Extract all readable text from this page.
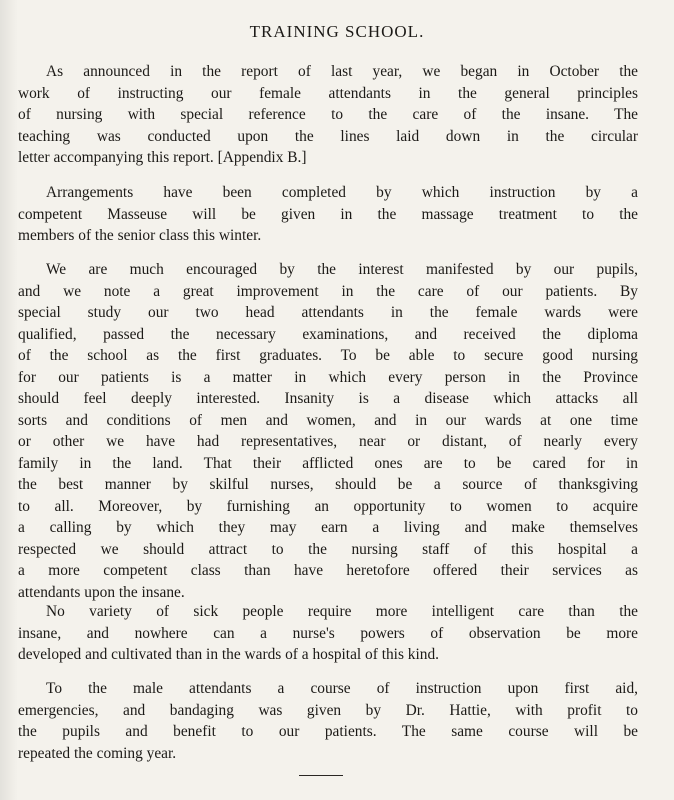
TRAINING SCHOOL.
As announced in the report of last year, we began in October the
work of instructing our female attendants in the general principles
of nursing with special reference to the care of the insane. The
teaching was conducted upon the lines laid down in the circular
letter accompanying this report. [Appendix B.]
Arrangements have been completed by which instruction by a
competent Masseuse will be given in the massage treatment to the
members of the senior class this winter.
We are much encouraged by the interest manifested by our pupils,
and we note a great improvement in the care of our patients. By
special study our two head attendants in the female wards were
qualified, passed the necessary examinations, and received the diploma
of the school as the first graduates. To be able to secure good nursing
for our patients is a matter in which every person in the Province
should feel deeply interested. Insanity is a disease which attacks all
sorts and conditions of men and women, and in our wards at one time
or other we have had representatives, near or distant, of nearly every
family in the land. That their afflicted ones are to be cared for in
the best manner by skilful nurses, should be a source of thanksgiving
to all. Moreover, by furnishing an opportunity to women to acquire
a calling by which they may earn a living and make themselves
respected we should attract to the nursing staff of this hospital a
a more competent class than have heretofore offered their services as
attendants upon the insane.
No variety of sick people require more intelligent care than the
insane, and nowhere can a nurse's powers of observation be more
developed and cultivated than in the wards of a hospital of this kind.
To the male attendants a course of instruction upon first aid,
emergencies, and bandaging was given by Dr. Hattie, with profit to
the pupils and benefit to our patients. The same course will be
repeated the coming year.
